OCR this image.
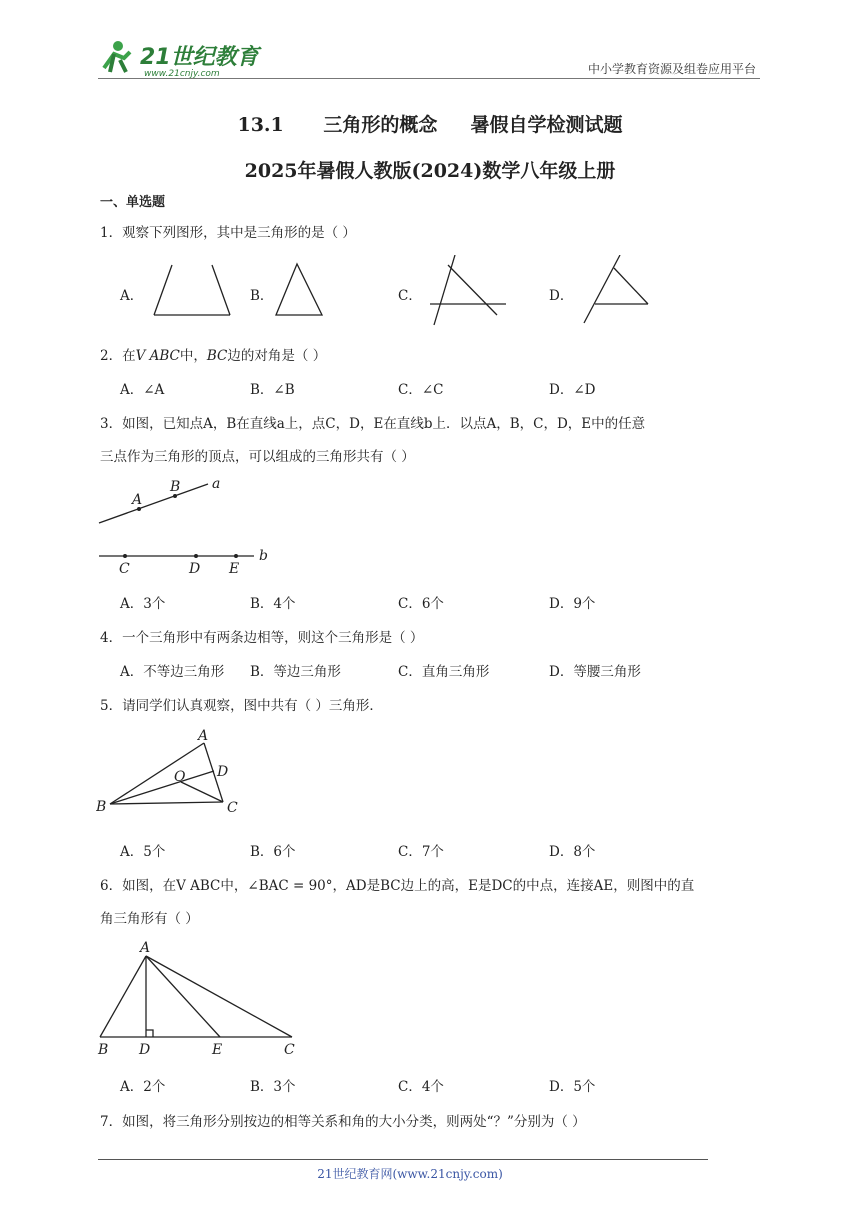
21世纪教育
www.21cnjy.com	中小学教育资源及组卷应用平台
13.1      三角形的概念     暑假自学检测试题
2025年暑假人教版(2024)数学八年级上册
一、单选题
1．观察下列图形，其中是三角形的是（ ）
A．	B．	C．	D．
2．在V ABC中，BC边的对角是（ ）
A．∠A	B．∠B	C．∠C	D．∠D
3．如图，已知点A，B在直线a上，点C，D，E在直线b上．以点A，B，C，D，E中的任意
三点作为三角形的顶点，可以组成的三角形共有（ ）
A
B a
b
C	D E
A．3个	B．4个	C．6个	D．9个
4．一个三角形中有两条边相等，则这个三角形是（ ）
A．不等边三角形 B．等边三角形	C．直角三角形	D．等腰三角形
5．请同学们认真观察，图中共有（ ）三角形．
A
B	C
D
O
A．5个	B．6个	C．7个	D．8个
6．如图，在V ABC中，∠BAC = 90°，AD是BC边上的高，E是DC的中点，连接AE，则图中的直
角三角形有（ ）
A
B D	E	C
A．2个	B．3个	C．4个	D．5个
7．如图，将三角形分别按边的相等关系和角的大小分类，则两处“？”分别为（ ）
21世纪教育网(www.21cnjy.com)
